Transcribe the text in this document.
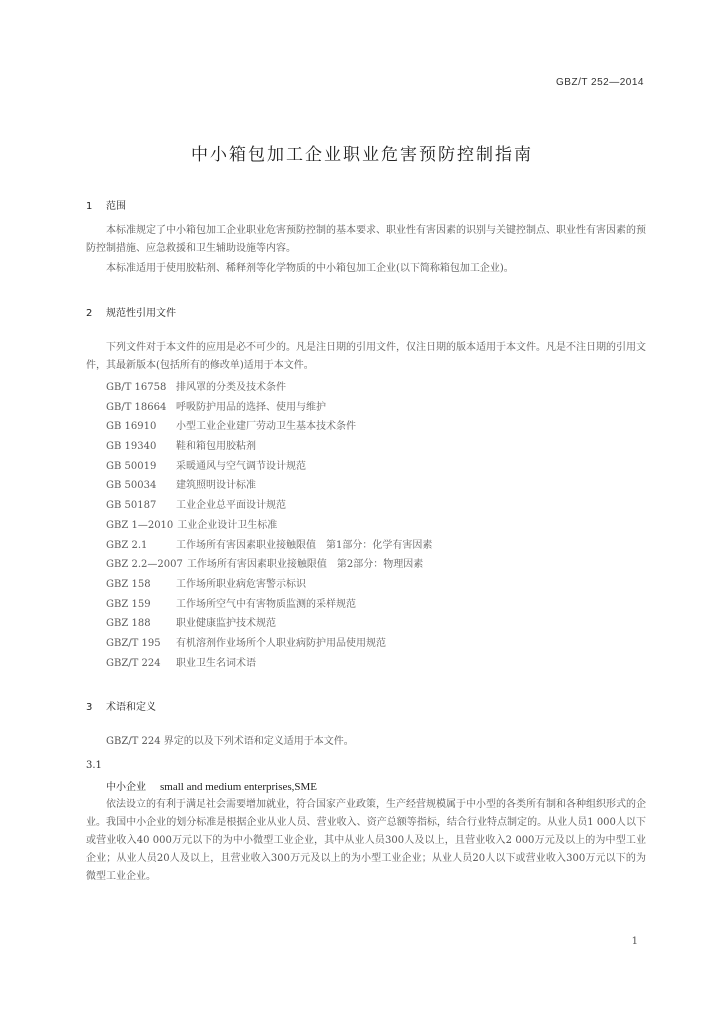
GBZ/T 252—2014
中小箱包加工企业职业危害预防控制指南
1 范围

本标准规定了中小箱包加工企业职业危害预防控制的基本要求、职业性有害因素的识别与关键控制点、职业性有害因素的预防控制措施、应急救援和卫生辅助设施等内容。

本标准适用于使用胶粘剂、稀释剂等化学物质的中小箱包加工企业(以下简称箱包加工企业)。

2 规范性引用文件

下列文件对于本文件的应用是必不可少的。凡是注日期的引用文件，仅注日期的版本适用于本文件。凡是不注日期的引用文件，其最新版本(包括所有的修改单)适用于本文件。

GB/T 16758 排风罩的分类及技术条件
GB/T 18664 呼吸防护用品的选择、使用与维护
GB 16910 小型工业企业建厂劳动卫生基本技术条件
GB 19340 鞋和箱包用胶粘剂
GB 50019 采暖通风与空气调节设计规范
GB 50034 建筑照明设计标准
GB 50187 工业企业总平面设计规范
GBZ 1—2010 工业企业设计卫生标准
GBZ 2.1	工作场所有害因素职业接触限值　第1部分：化学有害因素
GBZ 2.2—2007 工作场所有害因素职业接触限值　第2部分：物理因素
GBZ 158	工作场所职业病危害警示标识
GBZ 159	工作场所空气中有害物质监测的采样规范
GBZ 188	职业健康监护技术规范
GBZ/T 195 有机溶剂作业场所个人职业病防护用品使用规范
GBZ/T 224 职业卫生名词术语
3 术语和定义

GBZ/T 224 界定的以及下列术语和定义适用于本文件。

3.1
中小企业 small and medium enterprises,SME

依法设立的有利于满足社会需要增加就业，符合国家产业政策，生产经营规模属于中小型的各类所有制和各种组织形式的企业。我国中小企业的划分标准是根据企业从业人员、营业收入、资产总额等指标，结合行业特点制定的。从业人员1 000人以下或营业收入40 000万元以下的为中小微型工业企业，其中从业人员300人及以上，且营业收入2 000万元及以上的为中型工业企业；从业人员20人及以上，且营业收入300万元及以上的为小型工业企业；从业人员20人以下或营业收入300万元以下的为微型工业企业。

1
